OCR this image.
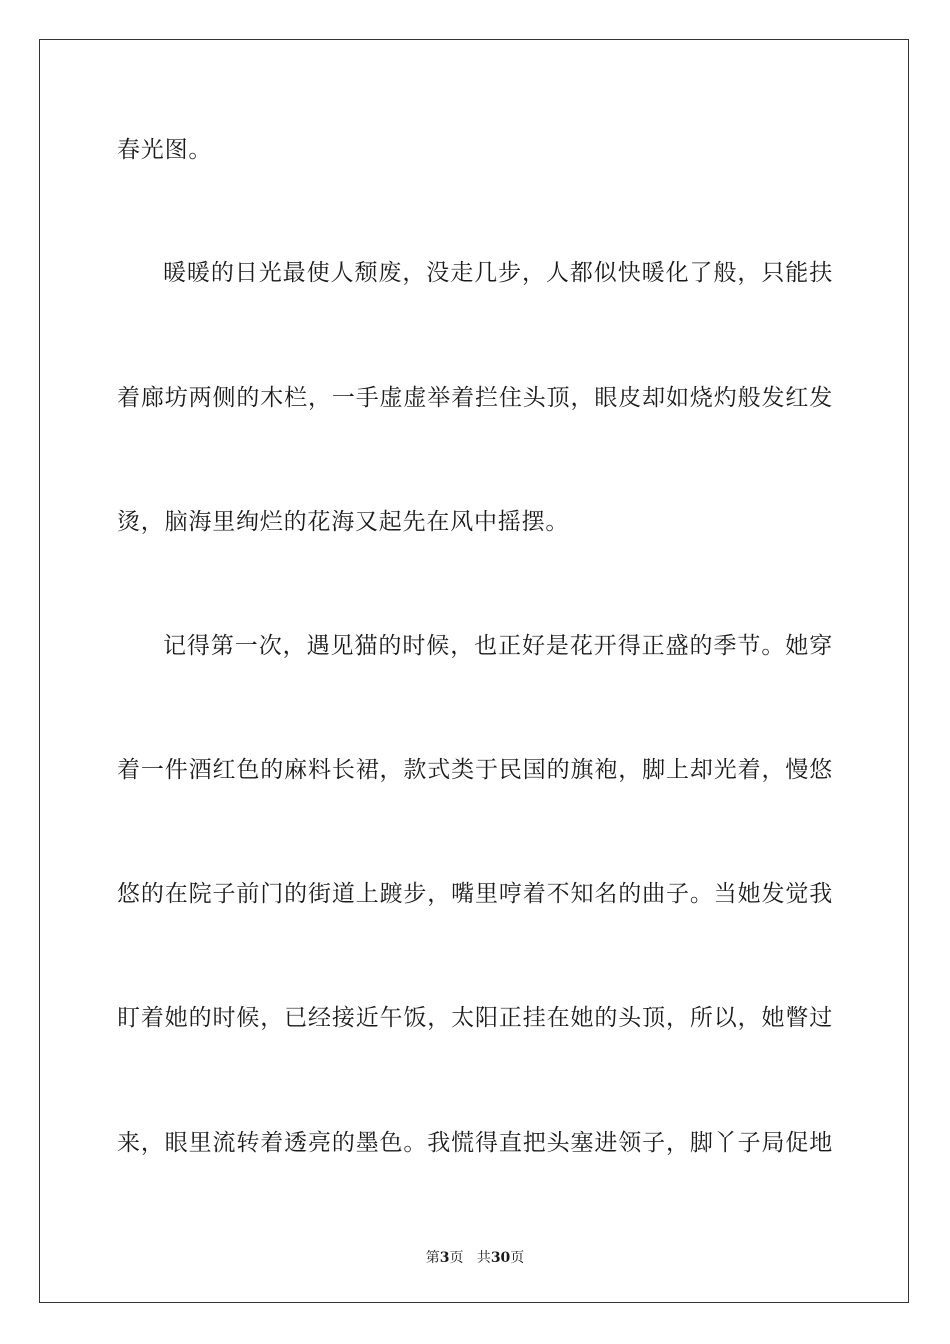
春光图。
暖暖的日光最使人颓废，没走几步，人都似快暖化了般，只能扶
着廊坊两侧的木栏，一手虚虚举着拦住头顶，眼皮却如烧灼般发红发
烫，脑海里绚烂的花海又起先在风中摇摆。
记得第一次，遇见猫的时候，也正好是花开得正盛的季节。她穿
着一件酒红色的麻料长裙，款式类于民国的旗袍，脚上却光着，慢悠
悠的在院子前门的街道上踱步，嘴里哼着不知名的曲子。当她发觉我
盯着她的时候，已经接近午饭，太阳正挂在她的头顶，所以，她瞥过
来，眼里流转着透亮的墨色。我慌得直把头塞进领子，脚丫子局促地
第3页 共30页
